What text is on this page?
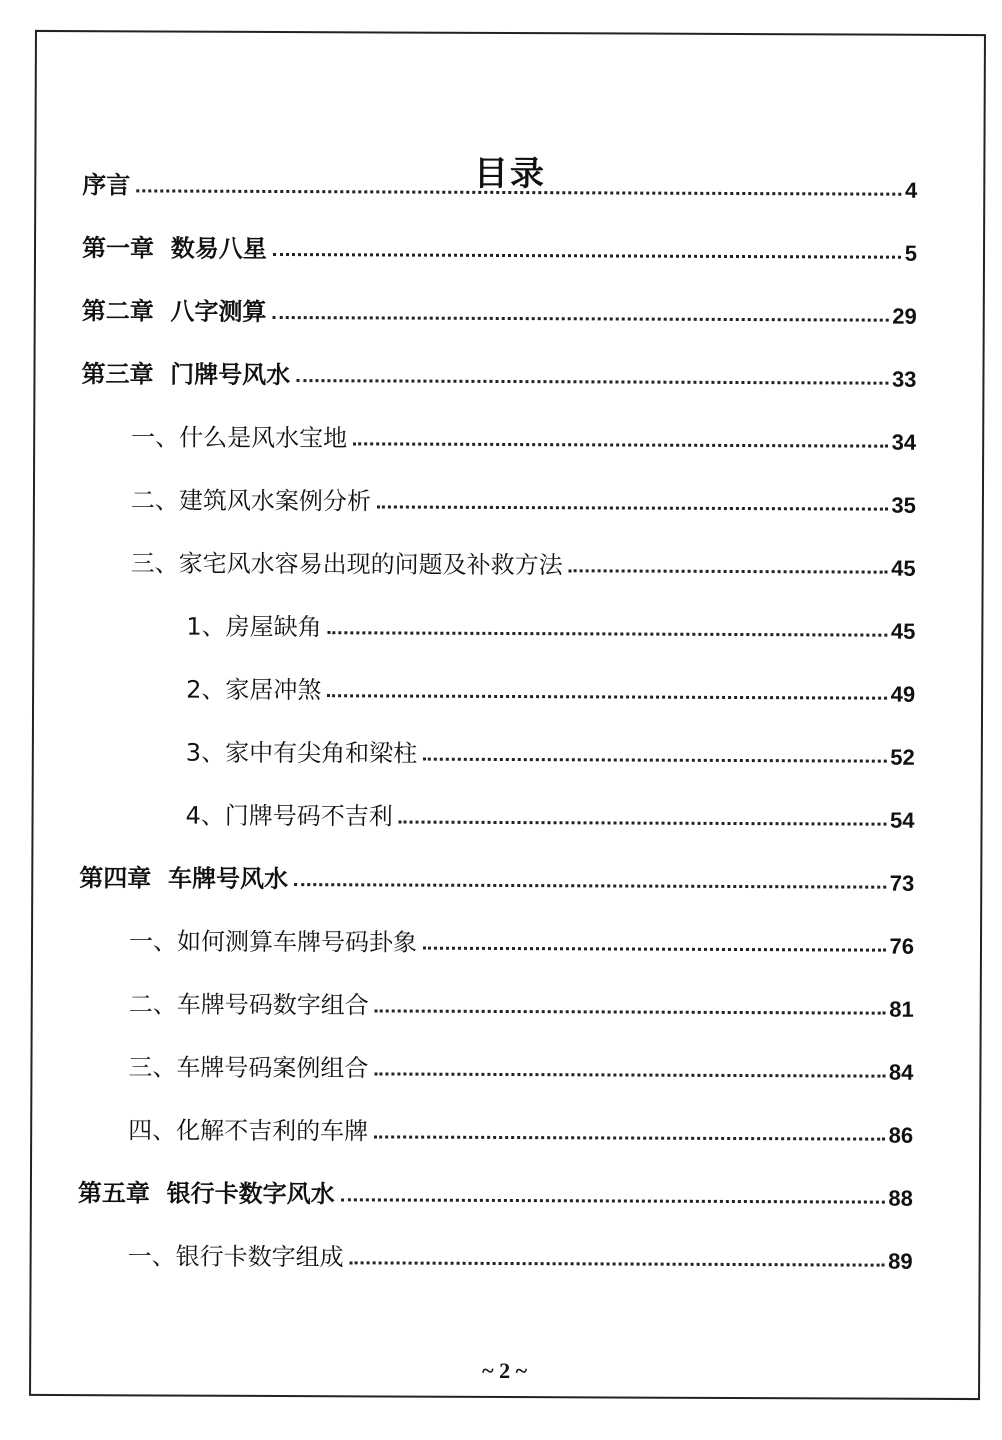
目录
序言	4
第一章  数易八星	5
第二章  八字测算	29
第三章  门牌号风水	33
一、什么是风水宝地	34
二、建筑风水案例分析	35
三、家宅风水容易出现的问题及补救方法	45
1、房屋缺角	45
2、家居冲煞	49
3、家中有尖角和梁柱	52
4、门牌号码不吉利	54
第四章  车牌号风水	73
一、如何测算车牌号码卦象	76
二、车牌号码数字组合	81
三、车牌号码案例组合	84
四、化解不吉利的车牌	86
第五章  银行卡数字风水	88
一、银行卡数字组成	89
~ 2 ~
